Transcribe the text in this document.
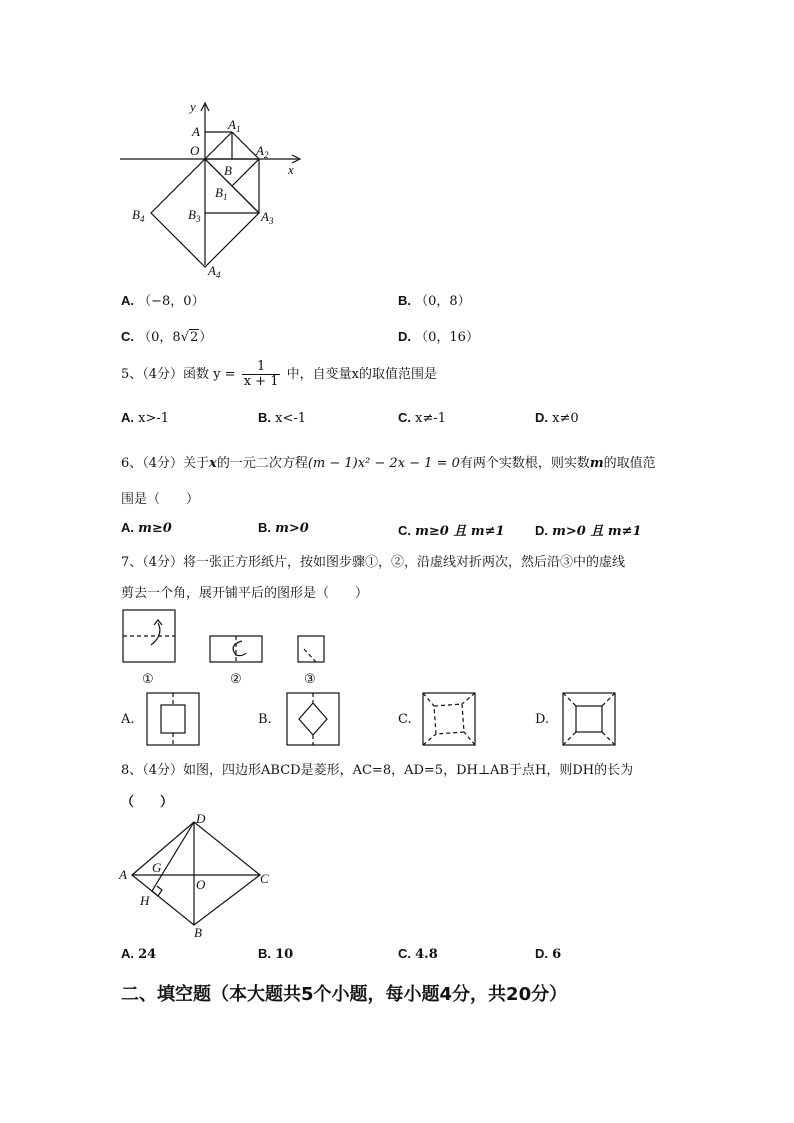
y
x
A
O
$A_1$
$A_2$
B
$B_1$
$B_3$	$A_3$
$B_4$
$A_4$
A. （−8，0）	B. （0，8）
C. （0，8√2）	D. （0，16）
5、（4分）函数 $y = \frac{1}{x + 1}$ 中，自变量x的取值范围是
A. x>-1	B. x<-1	C. x≠-1	D. x≠0
6、（4分）关于x的一元二次方程(m − 1)x² − 2x − 1 = 0有两个实数根，则实数m的取值范
围是（　　）
A. m≥0	B. m>0	C. m≥0 且 m≠1 D. m>0 且 m≠1
7、（4分）将一张正方形纸片，按如图步骤①，②，沿虚线对折两次，然后沿③中的虚线
剪去一个角，展开铺平后的图形是（　　）
①	②	③
A.	B.	C.	D.
8、（4分）如图，四边形ABCD是菱形，AC=8，AD=5，DH⊥AB于点H，则DH的长为
（　　）
D
A G
O	C
H
B
A. 24	B. 10	C. 4.8	D. 6
二、填空题（本大题共5个小题，每小题4分，共20分）
